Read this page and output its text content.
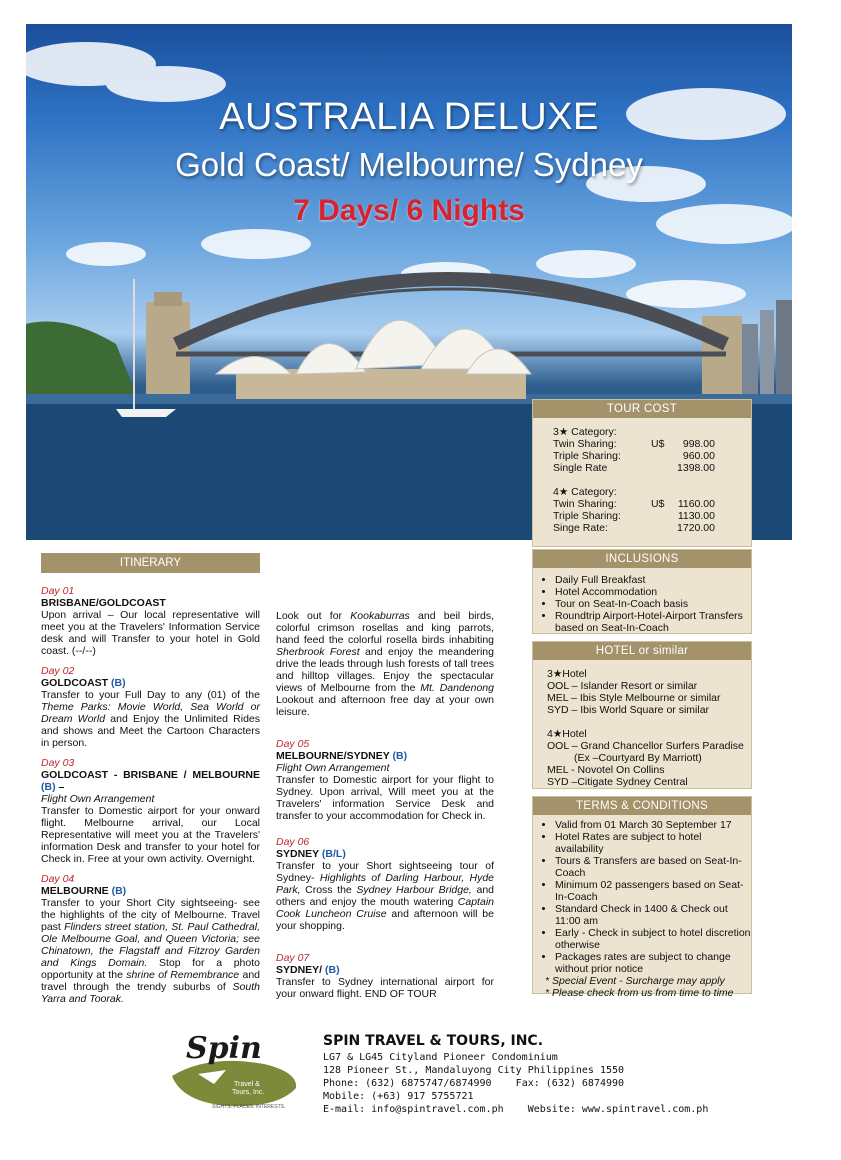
AUSTRALIA DELUXE
Gold Coast/ Melbourne/ Sydney
7 Days/ 6 Nights
TOUR COST
3★ Category:
Twin Sharing:	U$	998.00
Triple Sharing:	960.00
Single Rate	1398.00
4★ Category:
Twin Sharing:	U$	1160.00
Triple Sharing:	1130.00
Singe Rate:	1720.00
ITINERARY
Day 01
BRISBANE/GOLDCOAST
Upon arrival – Our local representative will meet you at the Travelers' Information Service desk and will Transfer to your hotel in Gold coast. (--/--)
Day 02
GOLDCOAST (B)
Transfer to your Full Day to any (01) of the Theme Parks: Movie World, Sea World or Dream World and Enjoy the Unlimited Rides and shows and Meet the Cartoon Characters in person.
Day 03
GOLDCOAST - BRISBANE / MELBOURNE (B) –
Flight Own Arrangement
Transfer to Domestic airport for your onward flight. Melbourne arrival, our Local Representative will meet you at the Travelers' information Desk and transfer to your hotel for Check in. Free at your own activity. Overnight.
Day 04
MELBOURNE (B)
Transfer to your Short City sightseeing- see the highlights of the city of Melbourne. Travel past Flinders street station, St. Paul Cathedral, Ole Melbourne Goal, and Queen Victoria; see Chinatown, the Flagstaff and Fitzroy Garden and Kings Domain. Stop for a photo opportunity at the shrine of Remembrance and travel through the trendy suburbs of South Yarra and Toorak.
Look out for Kookaburras and beil birds, colorful crimson rosellas and king parrots, hand feed the colorful rosella birds inhabiting Sherbrook Forest and enjoy the meandering drive the leads through lush forests of tall trees and hilltop villages. Enjoy the spectacular views of Melbourne from the Mt. Dandenong Lookout and afternoon free day at your own leisure.
Day 05
MELBOURNE/SYDNEY (B)
Flight Own Arrangement
Transfer to Domestic airport for your flight to Sydney. Upon arrival, Will meet you at the Travelers' information Service Desk and transfer to your accommodation for Check in.
Day 06
SYDNEY (B/L)
Transfer to your Short sightseeing tour of Sydney- Highlights of Darling Harbour, Hyde Park, Cross the Sydney Harbour Bridge, and others and enjoy the mouth watering Captain Cook Luncheon Cruise and afternoon will be your shopping.
Day 07
SYDNEY/ (B)
Transfer to Sydney international airport for your onward flight. END OF TOUR
INCLUSIONS
• Daily Full Breakfast
• Hotel Accommodation
• Tour on Seat-In-Coach basis
• Roundtrip Airport-Hotel-Airport Transfers based on Seat-In-Coach
HOTEL or similar
3★Hotel
OOL – Islander Resort or similar
MEL – Ibis Style Melbourne or similar
SYD – Ibis World Square or similar
4★Hotel
OOL – Grand Chancellor Surfers Paradise
(Ex –Courtyard By Marriott)
MEL - Novotel On Collins
SYD –Citigate Sydney Central
TERMS & CONDITIONS
• Valid from 01 March 30 September 17
• Hotel Rates are subject to hotel availability
• Tours & Transfers are based on Seat-In-Coach
• Minimum 02 passengers based on Seat-In-Coach
• Standard Check in 1400 & Check out 11:00 am
• Early - Check in subject to hotel discretion otherwise
• Packages rates are subject to change without prior notice
* Special Event - Surcharge may apply
* Please check from us from time to time
Spin
Travel &
Tours, Inc.
SIGHTS. PLACES. INTERESTS.
SPIN TRAVEL & TOURS, INC.
LG7 & LG45 Cityland Pioneer Condominium
128 Pioneer St., Mandaluyong City Philippines 1550
Phone: (632) 6875747/6874990 Fax: (632) 6874990
Mobile: (+63) 917 5755721
E-mail: info@spintravel.com.ph Website: www.spintravel.com.ph
